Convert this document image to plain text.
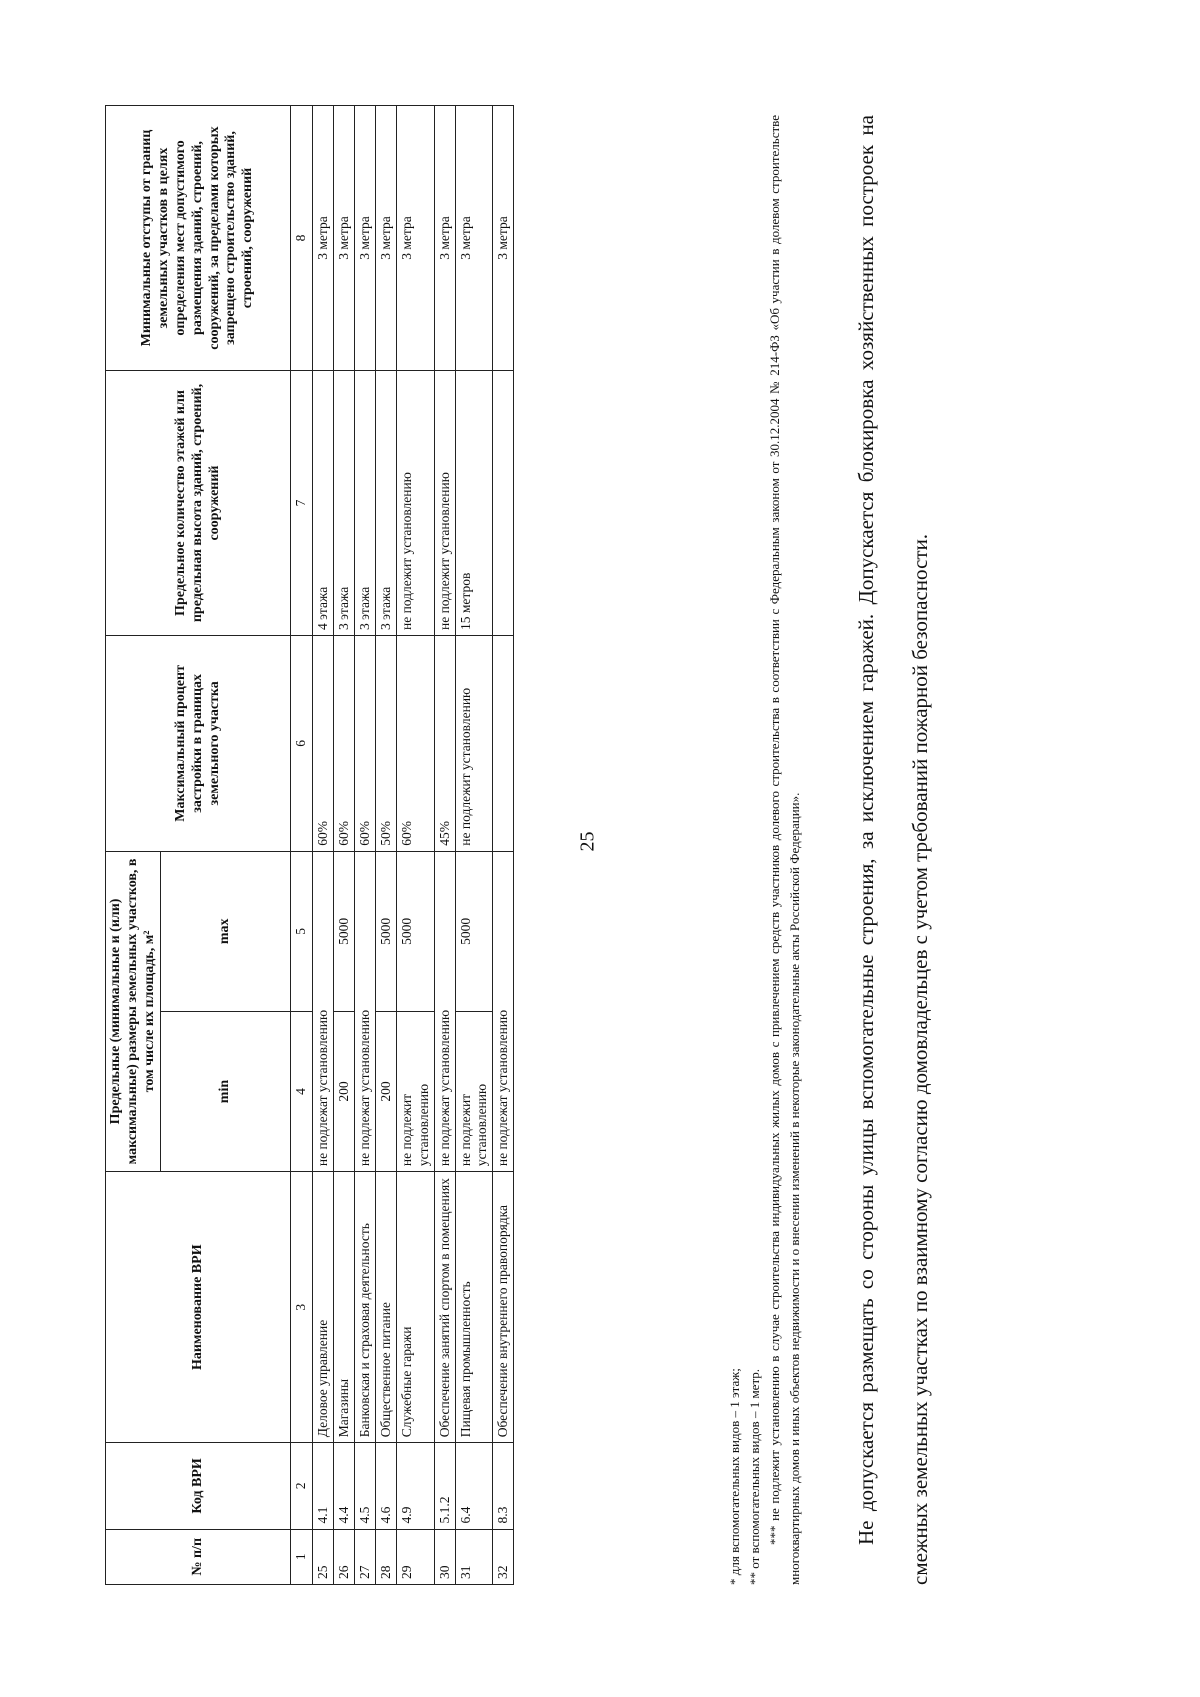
25
№ п/п	Код ВРИ	Наименование ВРИ	Предельные (минимальные и (или) максимальные) размеры земельных участков, в том числе их площадь, м²		Максимальный процент застройки в границах земельного участка	Предельное количество этажей или предельная высота зданий, строений, сооружений	Минимальные отступы от границ земельных участков в целях определения мест допустимого размещения зданий, строений, сооружений, за пределами которых запрещено строительство зданий, строений, сооружений
			min	max			
1	2	3	4	5	6	7	8
25	4.1	Деловое управление	не подлежат установлению		60%	4 этажа	3 метра
26	4.4	Магазины	200	5000	60%	3 этажа	3 метра
27	4.5	Банковская и страховая деятельность	не подлежат установлению		60%	3 этажа	3 метра
28	4.6	Общественное питание	200	5000	50%	3 этажа	3 метра
29	4.9	Служебные гаражи	не подлежит установлению	5000	60%	не подлежит установлению	3 метра
30	5.1.2	Обеспечение занятий спортом в помещениях	не подлежат установлению		45%	не подлежит установлению	3 метра
31	6.4	Пищевая промышленность	не подлежит установлению	5000	не подлежит установлению	15 метров	3 метра
32	8.3	Обеспечение внутреннего правопорядка	не подлежат установлению				3 метра

* для вспомогательных видов – 1 этаж; ** от вспомогательных видов – 1 метр. *** не подлежит установлению в случае строительства индивидуальных жилых домов с привлечением средств участников долевого строительства в соответствии с Федеральным законом от 30.12.2004 № 214-ФЗ «Об участии в долевом строительстве многоквартирных домов и иных объектов недвижимости и о внесении изменений в некоторые законодательные акты Российской Федерации».	Не допускается размещать со стороны улицы вспомогательные строения, за исключением гаражей. Допускается блокировка хозяйственных построек на смежных земельных участках по взаимному согласию домовладельцев с учетом требований пожарной безопасности.
